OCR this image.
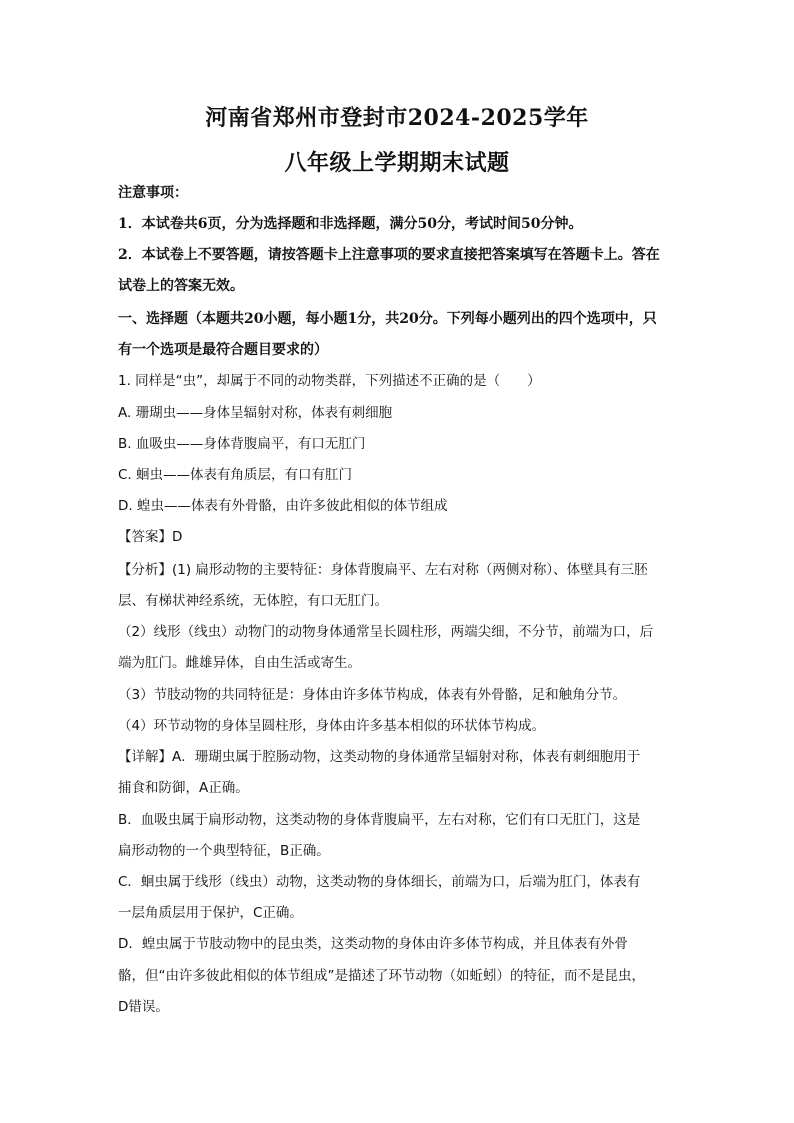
河南省郑州市登封市2024-2025学年
八年级上学期期末试题
注意事项：
1．本试卷共6页，分为选择题和非选择题，满分50分，考试时间50分钟。
2．本试卷上不要答题，请按答题卡上注意事项的要求直接把答案填写在答题卡上。答在
试卷上的答案无效。
一、选择题（本题共20小题，每小题1分，共20分。下列每小题列出的四个选项中，只
有一个选项是最符合题目要求的）
1. 同样是“虫”，却属于不同的动物类群，下列描述不正确的是（　　）
A. 珊瑚虫——身体呈辐射对称，体表有刺细胞
B. 血吸虫——身体背腹扁平，有口无肛门
C. 蛔虫——体表有角质层，有口有肛门
D. 蝗虫——体表有外骨骼，由许多彼此相似的体节组成
【答案】D
【分析】(1) 扁形动物的主要特征：身体背腹扁平、左右对称（两侧对称）、体壁具有三胚
层、有梯状神经系统，无体腔，有口无肛门。
（2）线形（线虫）动物门的动物身体通常呈长圆柱形，两端尖细，不分节，前端为口，后
端为肛门。雌雄异体，自由生活或寄生。
（3）节肢动物的共同特征是：身体由许多体节构成，体表有外骨骼，足和触角分节。
（4）环节动物的身体呈圆柱形，身体由许多基本相似的环状体节构成。
【详解】A．珊瑚虫属于腔肠动物，这类动物的身体通常呈辐射对称，体表有刺细胞用于
捕食和防御，A正确。
B．血吸虫属于扁形动物，这类动物的身体背腹扁平，左右对称，它们有口无肛门，这是
扁形动物的一个典型特征，B正确。
C．蛔虫属于线形（线虫）动物，这类动物的身体细长，前端为口，后端为肛门，体表有
一层角质层用于保护，C正确。
D．蝗虫属于节肢动物中的昆虫类，这类动物的身体由许多体节构成，并且体表有外骨
骼，但“由许多彼此相似的体节组成”是描述了环节动物（如蚯蚓）的特征，而不是昆虫，
D错误。
